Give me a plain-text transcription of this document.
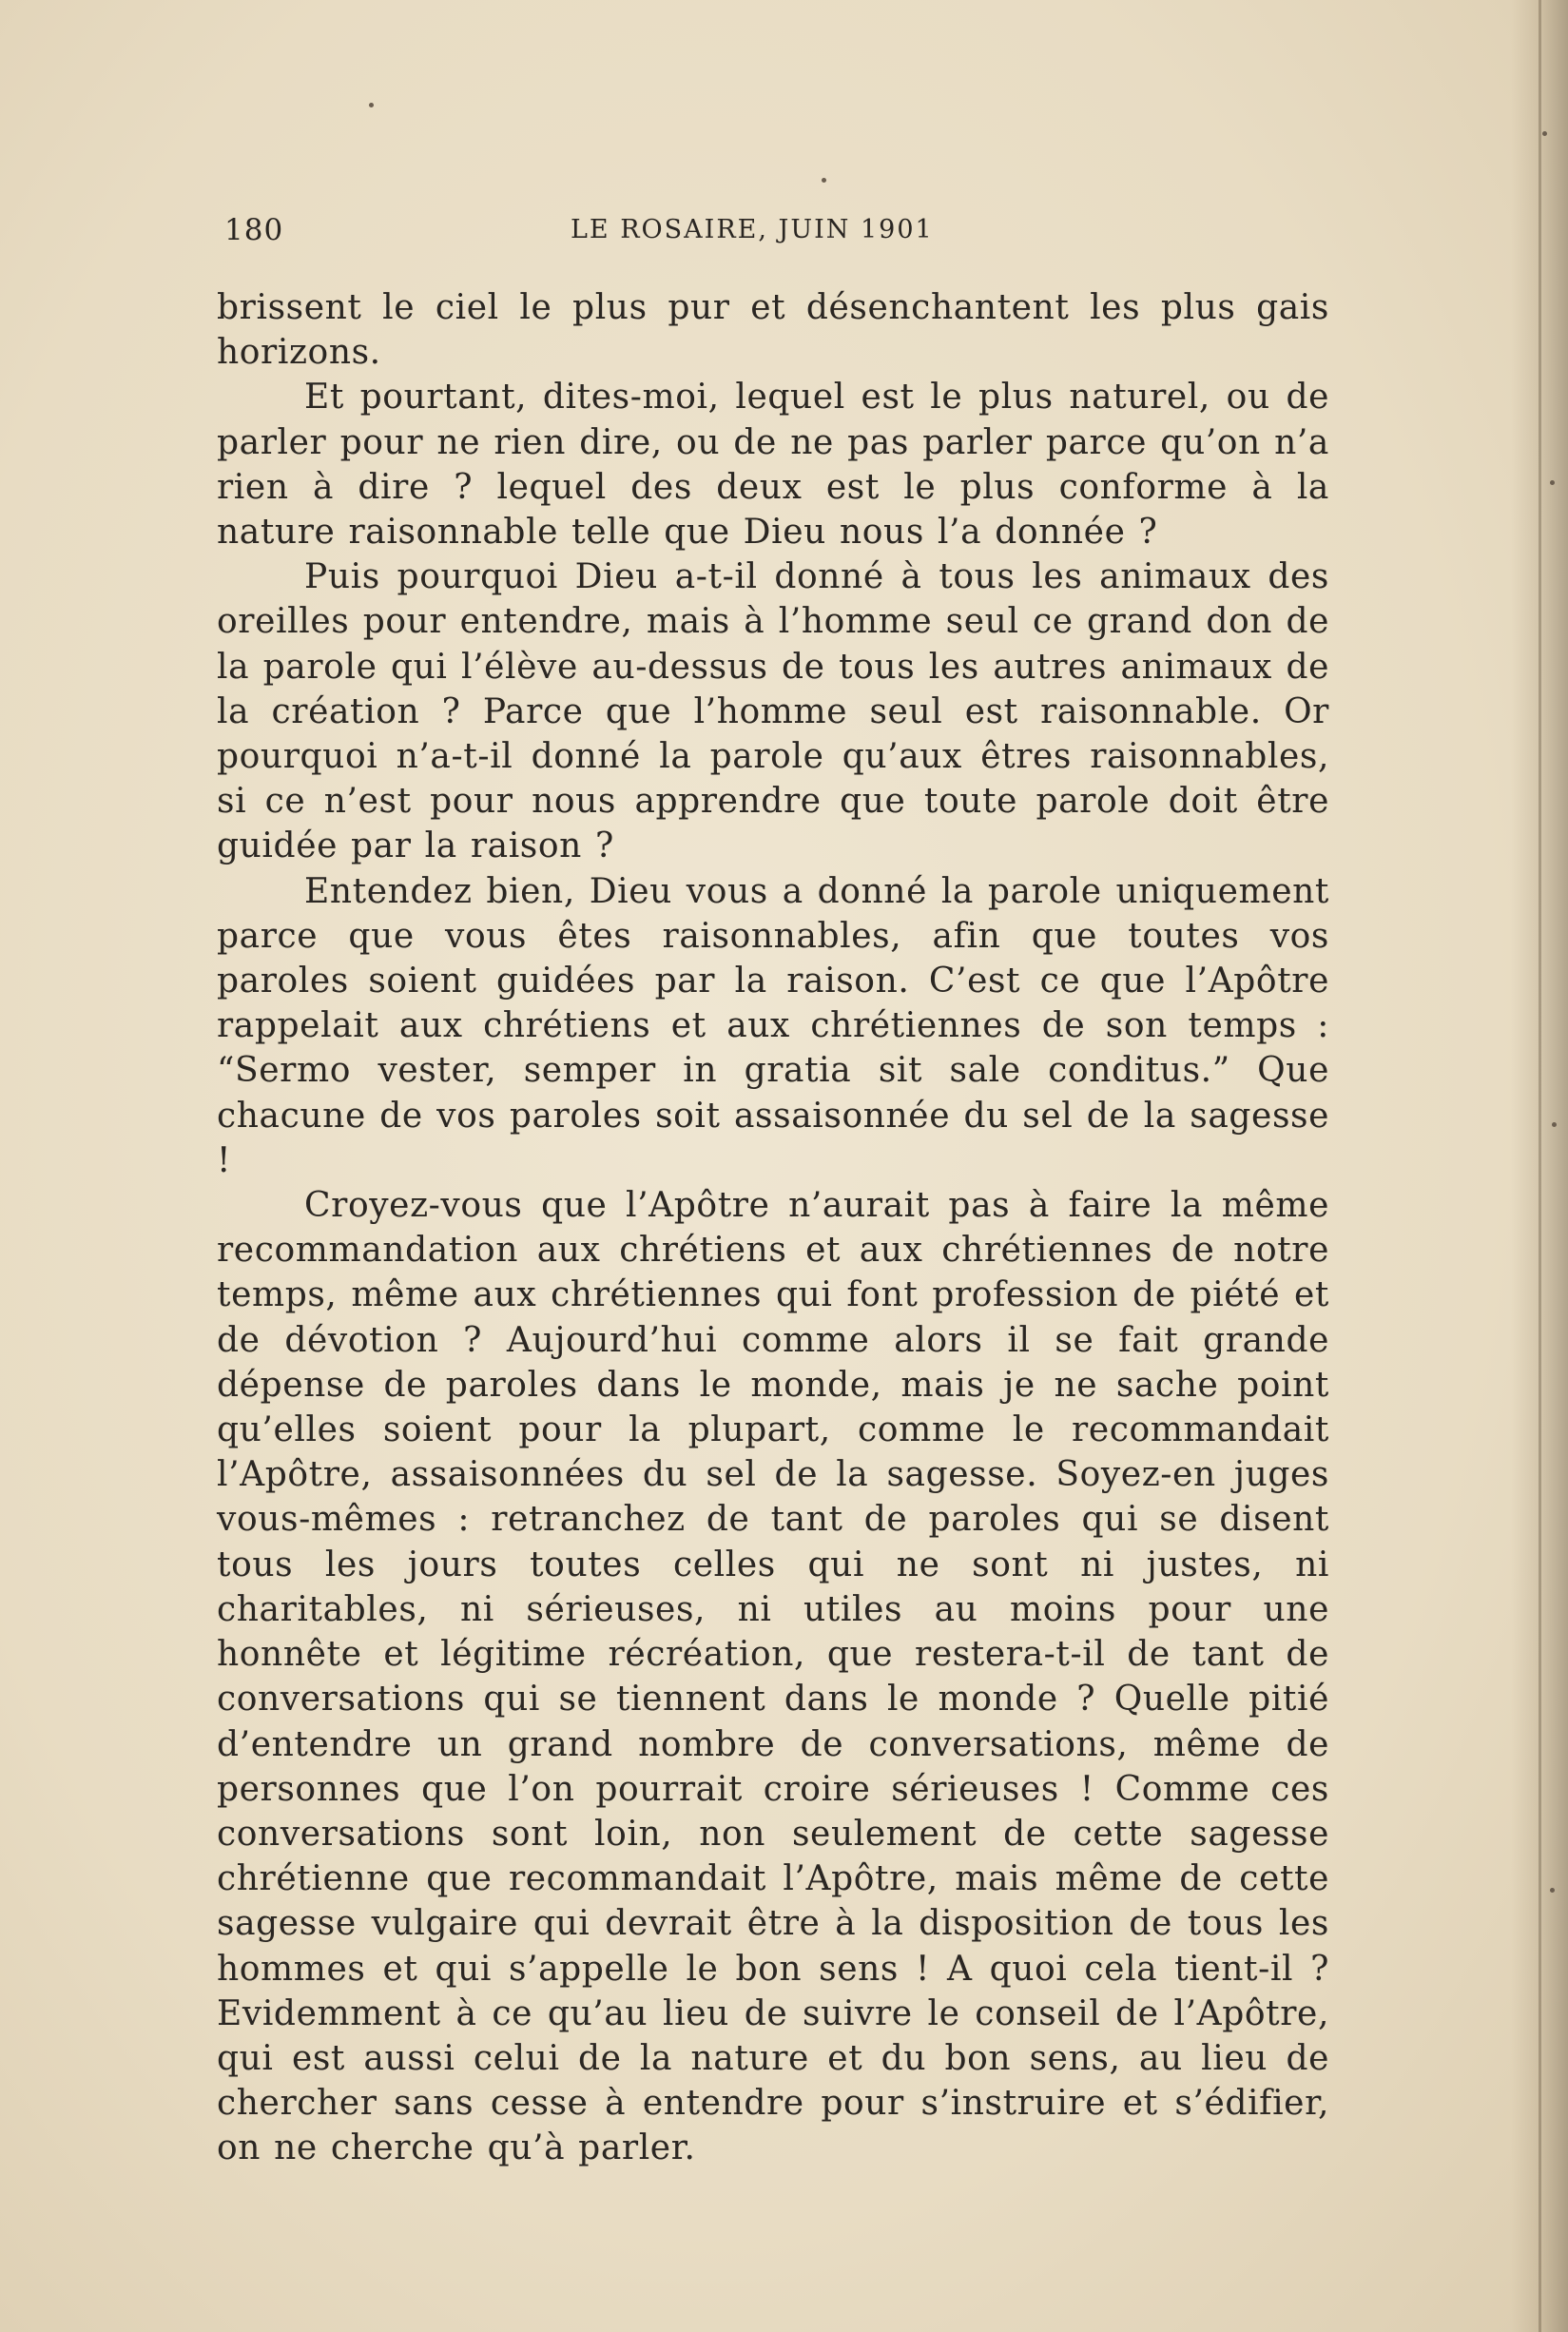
180	LE ROSAIRE, JUIN 1901

brissent le ciel le plus pur et désenchantent les plus gais horizons.

Et pourtant, dites-moi, lequel est le plus naturel, ou de parler pour ne rien dire, ou de ne pas parler parce qu’on n’a rien à dire ? lequel des deux est le plus conforme à la nature raisonnable telle que Dieu nous l’a donnée ?

Puis pourquoi Dieu a-t-il donné à tous les animaux des oreilles pour entendre, mais à l’homme seul ce grand don de la parole qui l’élève au-dessus de tous les autres animaux de la création ? Parce que l’homme seul est raisonnable. Or pourquoi n’a-t-il donné la parole qu’aux êtres raisonnables, si ce n’est pour nous apprendre que toute parole doit être guidée par la raison ?

Entendez bien, Dieu vous a donné la parole uniquement parce que vous êtes raisonnables, afin que toutes vos paroles soient guidées par la raison. C’est ce que l’Apôtre rappelait aux chrétiens et aux chrétiennes de son temps : “Sermo vester, semper in gratia sit sale conditus.” Que chacune de vos paroles soit assaisonnée du sel de la sagesse !

Croyez-vous que l’Apôtre n’aurait pas à faire la même recommandation aux chrétiens et aux chrétiennes de notre temps, même aux chrétiennes qui font profession de piété et de dévotion ? Aujourd’hui comme alors il se fait grande dépense de paroles dans le monde, mais je ne sache point qu’elles soient pour la plupart, comme le recommandait l’Apôtre, assaisonnées du sel de la sagesse. Soyez-en juges vous-mêmes : retranchez de tant de paroles qui se disent tous les jours toutes celles qui ne sont ni justes, ni charitables, ni sérieuses, ni utiles au moins pour une honnête et légitime récréation, que restera-t-il de tant de conversations qui se tiennent dans le monde ? Quelle pitié d’entendre un grand nombre de conversations, même de personnes que l’on pourrait croire sérieuses ! Comme ces conversations sont loin, non seulement de cette sagesse chrétienne que recommandait l’Apôtre, mais même de cette sagesse vulgaire qui devrait être à la disposition de tous les hommes et qui s’appelle le bon sens ! A quoi cela tient-il ? Evidemment à ce qu’au lieu de suivre le conseil de l’Apôtre, qui est aussi celui de la nature et du bon sens, au lieu de chercher sans cesse à entendre pour s’instruire et s’édifier, on ne cherche qu’à parler.
